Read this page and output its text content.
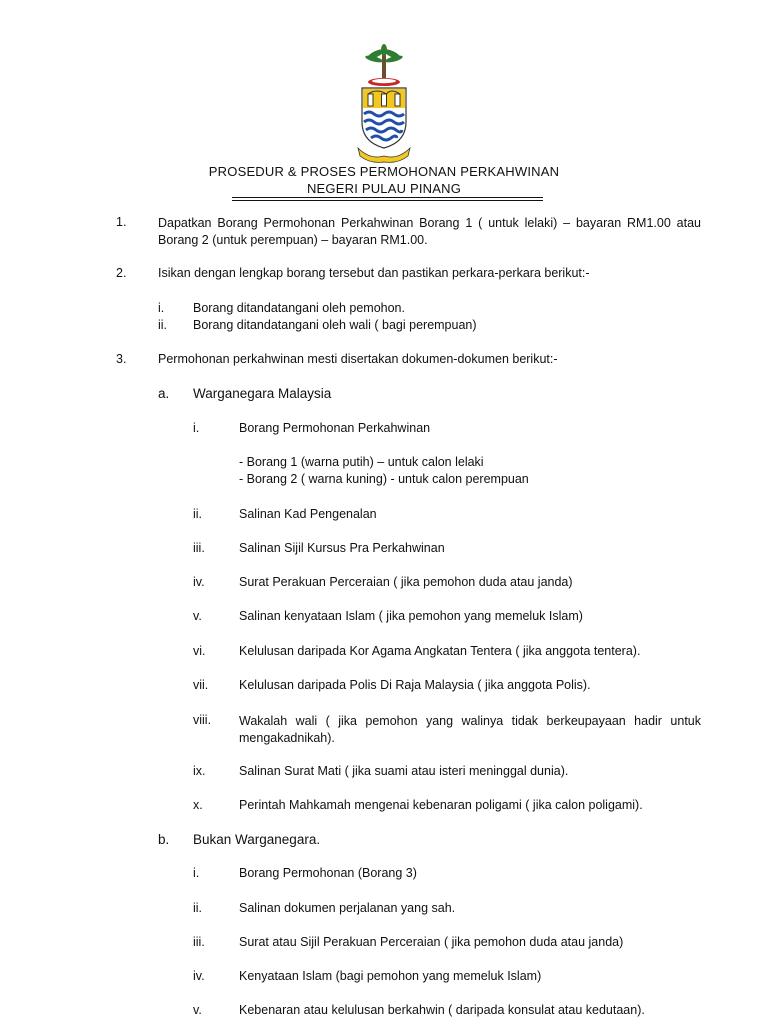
PROSEDUR & PROSES PERMOHONAN PERKAHWINAN
NEGERI PULAU PINANG
1.	Dapatkan Borang Permohonan Perkahwinan Borang 1 ( untuk lelaki) – bayaran RM1.00 atau Borang 2 (untuk perempuan) – bayaran RM1.00.
2.	Isikan dengan lengkap borang tersebut dan pastikan perkara-perkara berikut:-
i. Borang ditandatangani oleh pemohon.
ii. Borang ditandatangani oleh wali ( bagi perempuan)
3.	Permohonan perkahwinan mesti disertakan dokumen-dokumen berikut:-
a. Warganegara Malaysia
i.	Borang Permohonan Perkahwinan
- Borang 1 (warna putih) – untuk calon lelaki
- Borang 2 ( warna kuning) - untuk calon perempuan
ii.	Salinan Kad Pengenalan
iii.	Salinan Sijil Kursus Pra Perkahwinan
iv.	Surat Perakuan Perceraian ( jika pemohon duda atau janda)
v.	Salinan kenyataan Islam ( jika pemohon yang memeluk Islam)
vi.	Kelulusan daripada Kor Agama Angkatan Tentera ( jika anggota tentera).
vii. Kelulusan daripada Polis Di Raja Malaysia ( jika anggota Polis).
viii. Wakalah wali ( jika pemohon yang walinya tidak berkeupayaan hadir untuk mengakadnikah).
ix.	Salinan Surat Mati ( jika suami atau isteri meninggal dunia).
x.	Perintah Mahkamah mengenai kebenaran poligami ( jika calon poligami).
b. Bukan Warganegara.
i.	Borang Permohonan (Borang 3)
ii.	Salinan dokumen perjalanan yang sah.
iii.	Surat atau Sijil Perakuan Perceraian ( jika pemohon duda atau janda)
iv.	Kenyataan Islam (bagi pemohon yang memeluk Islam)
v.	Kebenaran atau kelulusan berkahwin ( daripada konsulat atau kedutaan).
